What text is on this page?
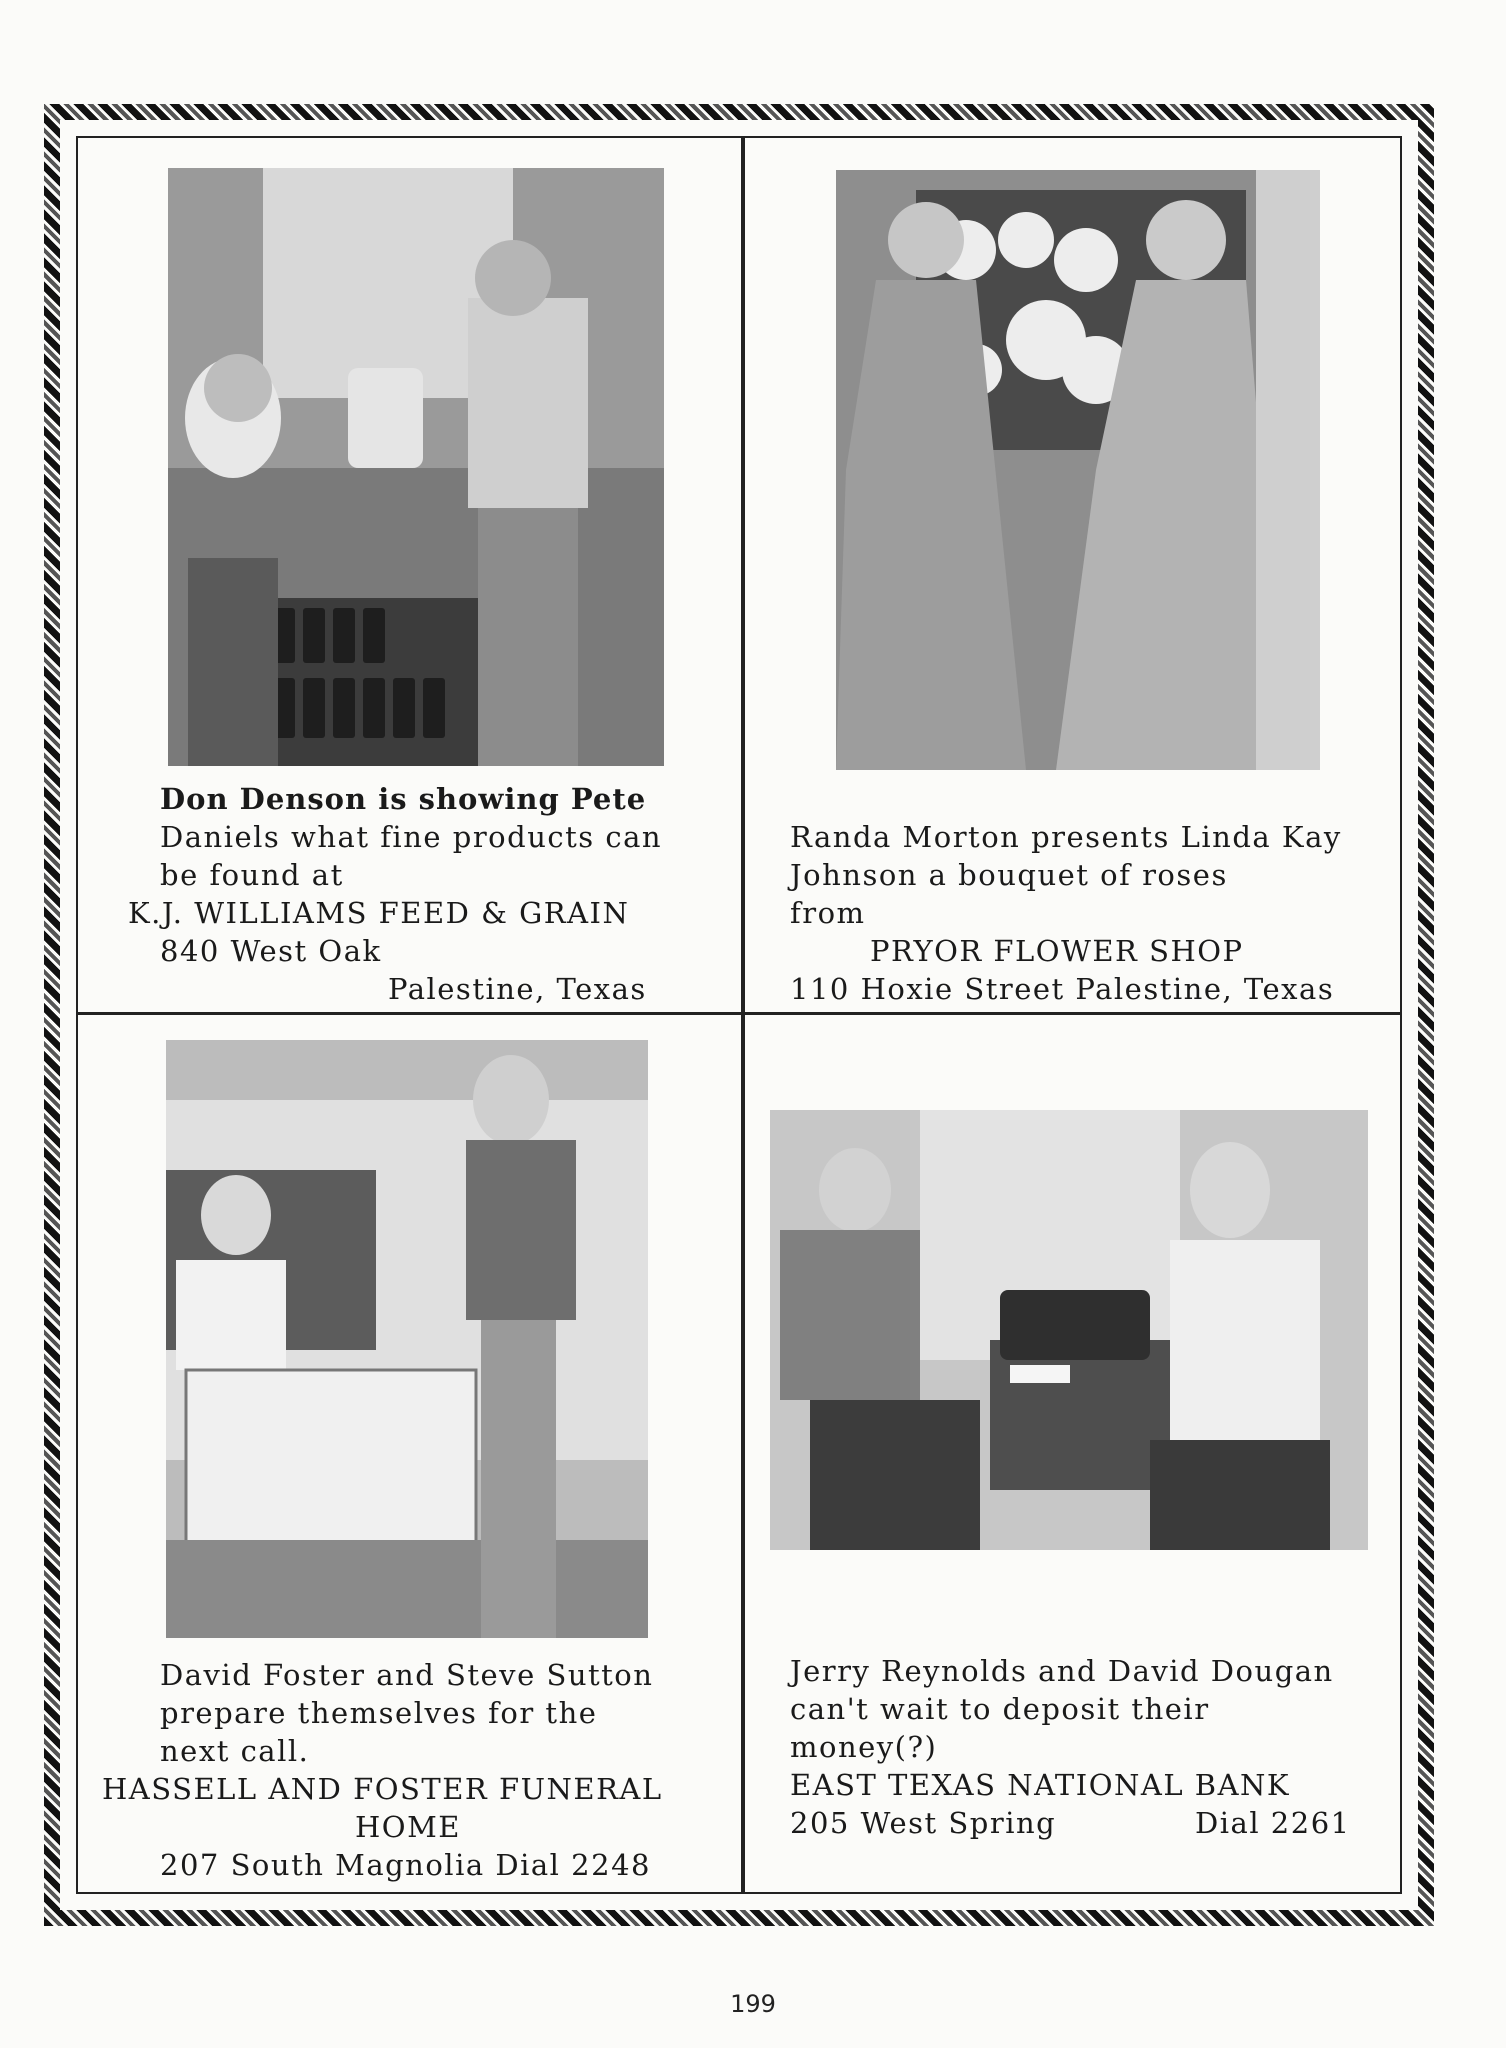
Don Denson is showing Pete
Daniels what fine products can
be found at
K.J. WILLIAMS FEED & GRAIN
840 West Oak
Palestine, Texas
Randa Morton presents Linda Kay
Johnson a bouquet of roses
from
PRYOR FLOWER SHOP
110 Hoxie Street Palestine, Texas
David Foster and Steve Sutton
prepare themselves for the
next call.
HASSELL AND FOSTER FUNERAL
HOME
207 South Magnolia Dial 2248
Jerry Reynolds and David Dougan
can't wait to deposit their
money(?)
EAST TEXAS NATIONAL BANK
205 West Spring	Dial 2261
199
